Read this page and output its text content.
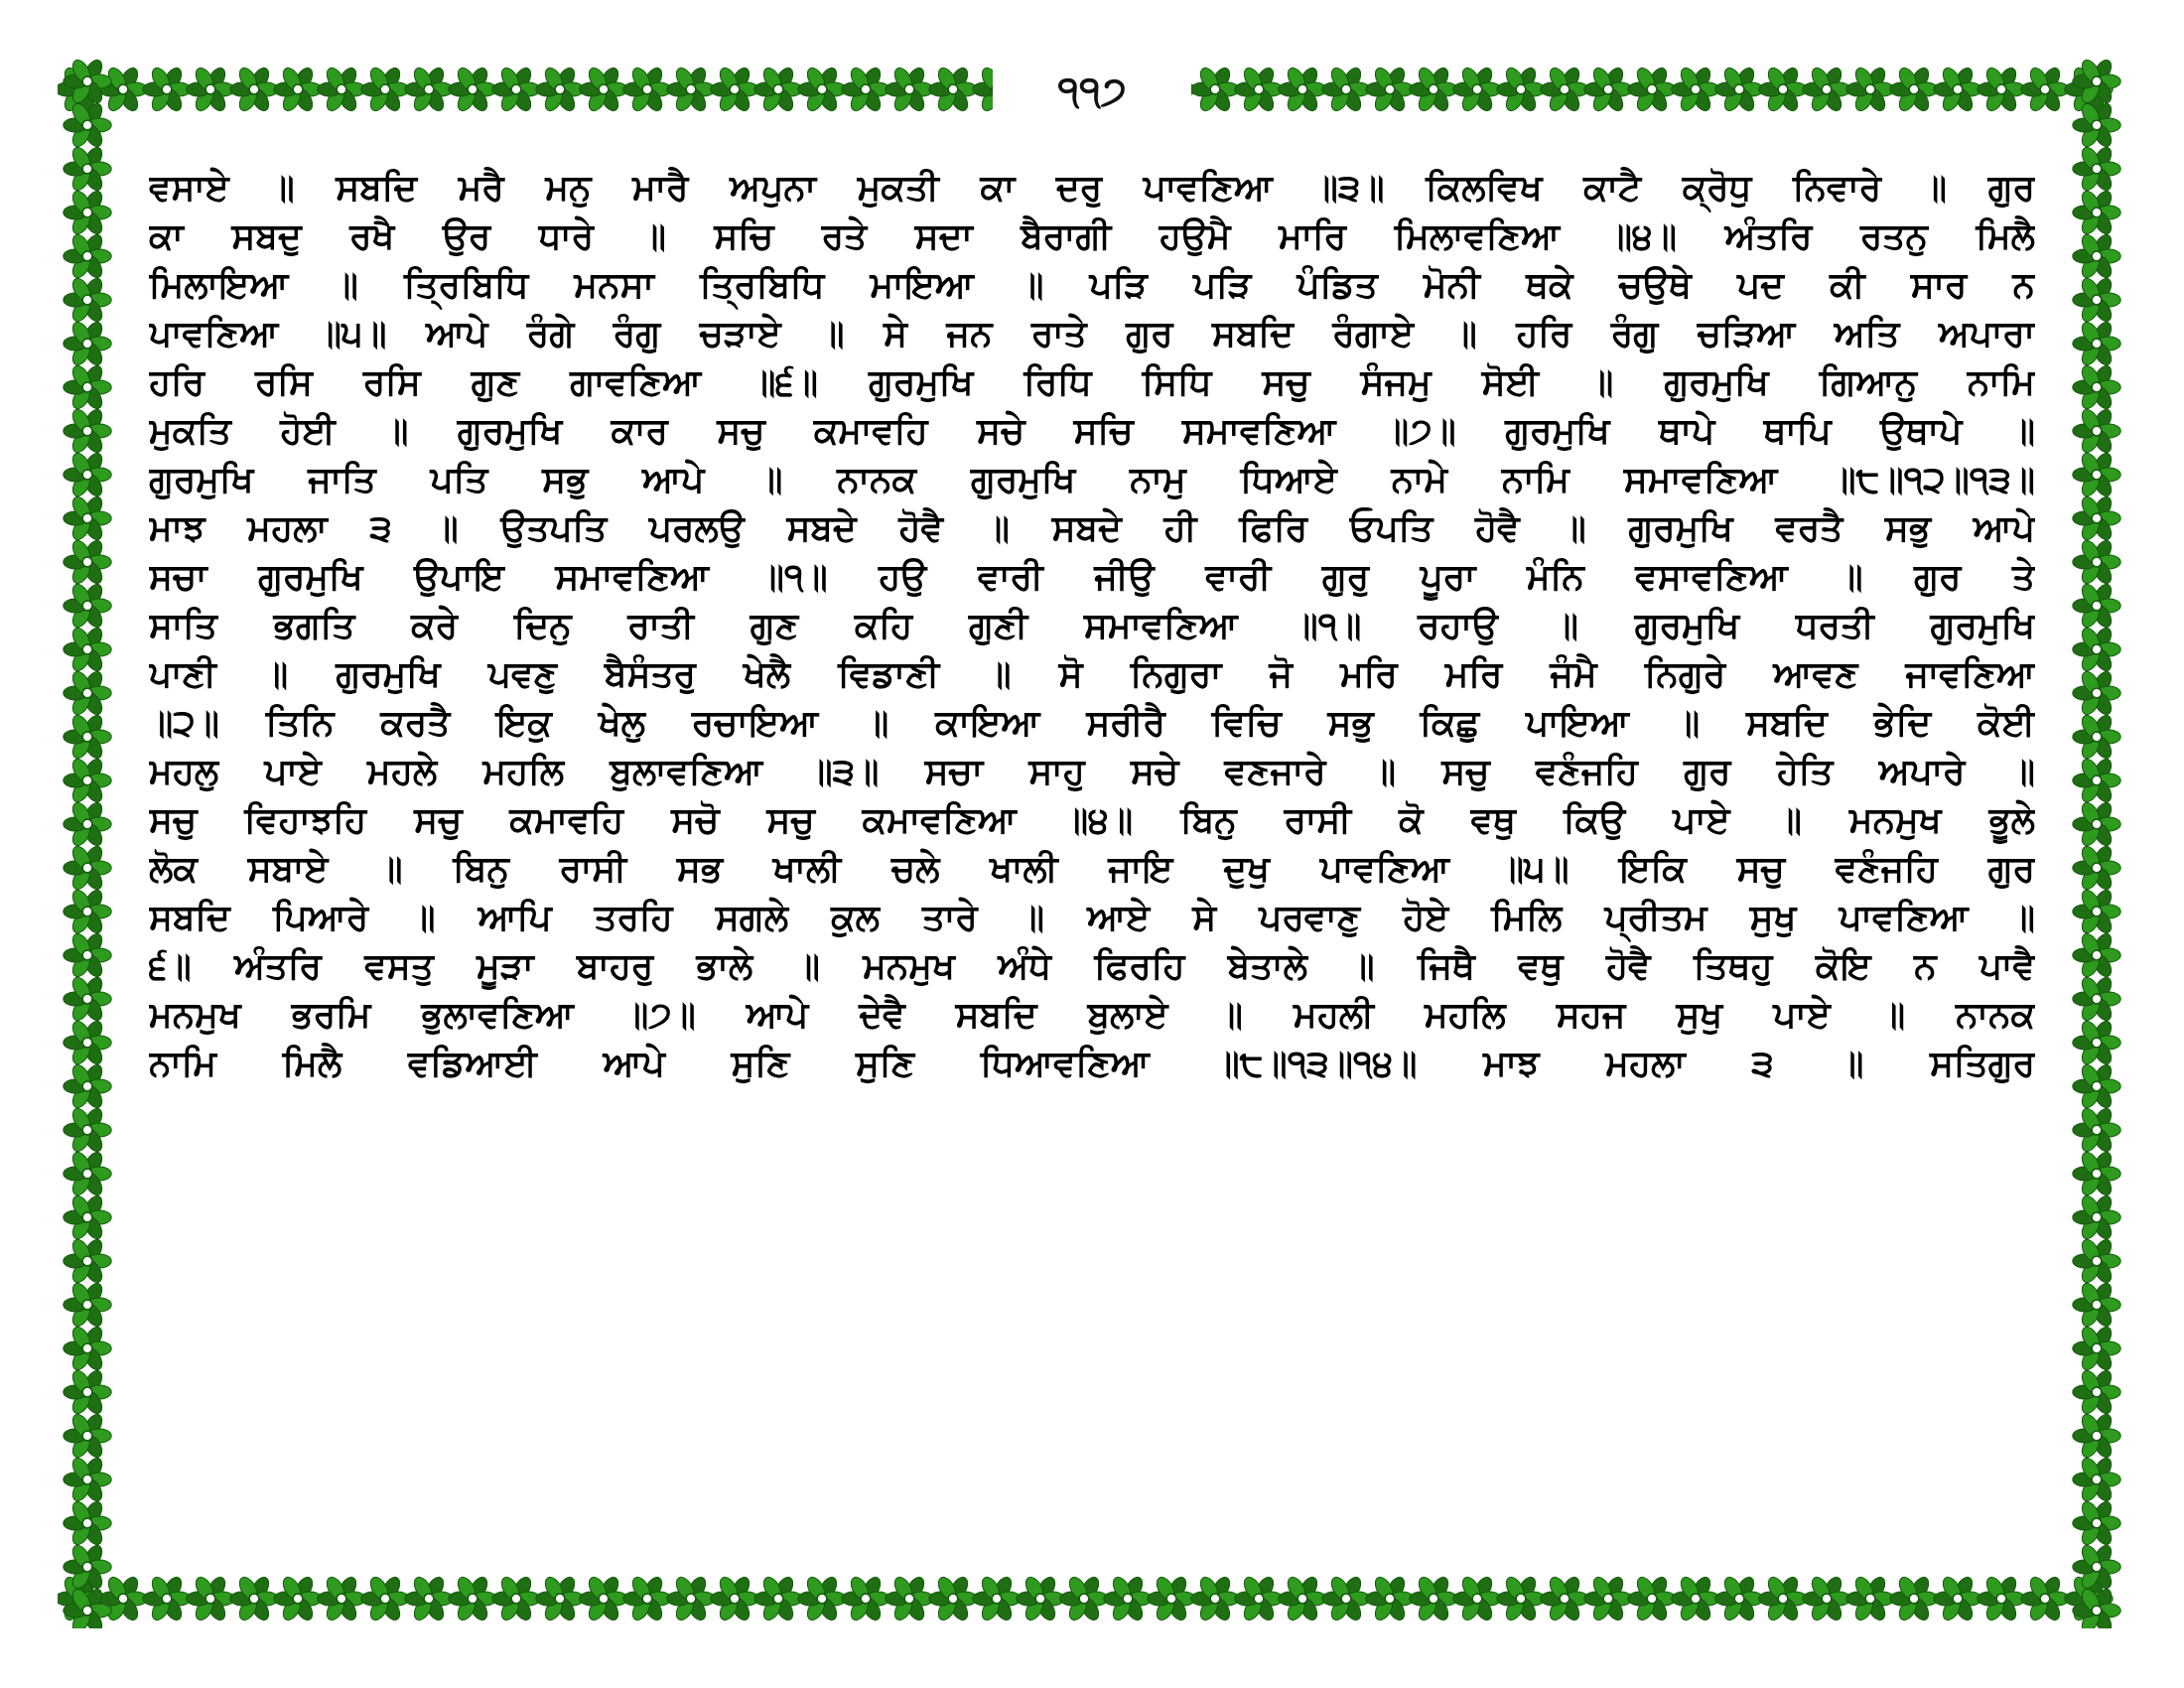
੧੧੭
ਵਸਾਏ ॥ ਸਬਦਿ ਮਰੈ ਮਨੁ ਮਾਰੈ ਅਪੁਨਾ ਮੁਕਤੀ ਕਾ ਦਰੁ ਪਾਵਣਿਆ ॥੩॥ ਕਿਲਵਿਖ ਕਾਟੈ ਕ੍ਰੋਧੁ ਨਿਵਾਰੇ ॥ ਗੁਰ
ਕਾ ਸਬਦੁ ਰਖੈ ਉਰ ਧਾਰੇ ॥ ਸਚਿ ਰਤੇ ਸਦਾ ਬੈਰਾਗੀ ਹਉਮੈ ਮਾਰਿ ਮਿਲਾਵਣਿਆ ॥੪॥ ਅੰਤਰਿ ਰਤਨੁ ਮਿਲੈ
ਮਿਲਾਇਆ ॥ ਤ੍ਰਿਬਿਧਿ ਮਨਸਾ ਤ੍ਰਿਬਿਧਿ ਮਾਇਆ ॥ ਪੜਿ ਪੜਿ ਪੰਡਿਤ ਮੋਨੀ ਥਕੇ ਚਉਥੇ ਪਦ ਕੀ ਸਾਰ ਨ
ਪਾਵਣਿਆ ॥੫॥ ਆਪੇ ਰੰਗੇ ਰੰਗੁ ਚੜਾਏ ॥ ਸੇ ਜਨ ਰਾਤੇ ਗੁਰ ਸਬਦਿ ਰੰਗਾਏ ॥ ਹਰਿ ਰੰਗੁ ਚੜਿਆ ਅਤਿ ਅਪਾਰਾ
ਹਰਿ ਰਸਿ ਰਸਿ ਗੁਣ ਗਾਵਣਿਆ ॥੬॥ ਗੁਰਮੁਖਿ ਰਿਧਿ ਸਿਧਿ ਸਚੁ ਸੰਜਮੁ ਸੋਈ ॥ ਗੁਰਮੁਖਿ ਗਿਆਨੁ ਨਾਮਿ
ਮੁਕਤਿ ਹੋਈ ॥ ਗੁਰਮੁਖਿ ਕਾਰ ਸਚੁ ਕਮਾਵਹਿ ਸਚੇ ਸਚਿ ਸਮਾਵਣਿਆ ॥੭॥ ਗੁਰਮੁਖਿ ਥਾਪੇ ਥਾਪਿ ਉਥਾਪੇ ॥
ਗੁਰਮੁਖਿ ਜਾਤਿ ਪਤਿ ਸਭੁ ਆਪੇ ॥ ਨਾਨਕ ਗੁਰਮੁਖਿ ਨਾਮੁ ਧਿਆਏ ਨਾਮੇ ਨਾਮਿ ਸਮਾਵਣਿਆ ॥੮॥੧੨॥੧੩॥
ਮਾਝ ਮਹਲਾ ੩ ॥ ਉਤਪਤਿ ਪਰਲਉ ਸਬਦੇ ਹੋਵੈ ॥ ਸਬਦੇ ਹੀ ਫਿਰਿ ਓਪਤਿ ਹੋਵੈ ॥ ਗੁਰਮੁਖਿ ਵਰਤੈ ਸਭੁ ਆਪੇ
ਸਚਾ ਗੁਰਮੁਖਿ ਉਪਾਇ ਸਮਾਵਣਿਆ ॥੧॥ ਹਉ ਵਾਰੀ ਜੀਉ ਵਾਰੀ ਗੁਰੁ ਪੂਰਾ ਮੰਨਿ ਵਸਾਵਣਿਆ ॥ ਗੁਰ ਤੇ
ਸਾਤਿ ਭਗਤਿ ਕਰੇ ਦਿਨੁ ਰਾਤੀ ਗੁਣ ਕਹਿ ਗੁਣੀ ਸਮਾਵਣਿਆ ॥੧॥ ਰਹਾਉ ॥ ਗੁਰਮੁਖਿ ਧਰਤੀ ਗੁਰਮੁਖਿ
ਪਾਣੀ ॥ ਗੁਰਮੁਖਿ ਪਵਣੁ ਬੈਸੰਤਰੁ ਖੇਲੈ ਵਿਡਾਣੀ ॥ ਸੋ ਨਿਗੁਰਾ ਜੋ ਮਰਿ ਮਰਿ ਜੰਮੈ ਨਿਗੁਰੇ ਆਵਣ ਜਾਵਣਿਆ
॥੨॥ ਤਿਨਿ ਕਰਤੈ ਇਕੁ ਖੇਲੁ ਰਚਾਇਆ ॥ ਕਾਇਆ ਸਰੀਰੈ ਵਿਚਿ ਸਭੁ ਕਿਛੁ ਪਾਇਆ ॥ ਸਬਦਿ ਭੇਦਿ ਕੋਈ
ਮਹਲੁ ਪਾਏ ਮਹਲੇ ਮਹਲਿ ਬੁਲਾਵਣਿਆ ॥੩॥ ਸਚਾ ਸਾਹੁ ਸਚੇ ਵਣਜਾਰੇ ॥ ਸਚੁ ਵਣੰਜਹਿ ਗੁਰ ਹੇਤਿ ਅਪਾਰੇ ॥
ਸਚੁ ਵਿਹਾਝਹਿ ਸਚੁ ਕਮਾਵਹਿ ਸਚੋ ਸਚੁ ਕਮਾਵਣਿਆ ॥੪॥ ਬਿਨੁ ਰਾਸੀ ਕੋ ਵਥੁ ਕਿਉ ਪਾਏ ॥ ਮਨਮੁਖ ਭੂਲੇ
ਲੋਕ ਸਬਾਏ ॥ ਬਿਨੁ ਰਾਸੀ ਸਭ ਖਾਲੀ ਚਲੇ ਖਾਲੀ ਜਾਇ ਦੁਖੁ ਪਾਵਣਿਆ ॥੫॥ ਇਕਿ ਸਚੁ ਵਣੰਜਹਿ ਗੁਰ
ਸਬਦਿ ਪਿਆਰੇ ॥ ਆਪਿ ਤਰਹਿ ਸਗਲੇ ਕੁਲ ਤਾਰੇ ॥ ਆਏ ਸੇ ਪਰਵਾਣੁ ਹੋਏ ਮਿਲਿ ਪ੍ਰੀਤਮ ਸੁਖੁ ਪਾਵਣਿਆ ॥
੬॥ ਅੰਤਰਿ ਵਸਤੁ ਮੂੜਾ ਬਾਹਰੁ ਭਾਲੇ ॥ ਮਨਮੁਖ ਅੰਧੇ ਫਿਰਹਿ ਬੇਤਾਲੇ ॥ ਜਿਥੈ ਵਥੁ ਹੋਵੈ ਤਿਥਹੁ ਕੋਇ ਨ ਪਾਵੈ
ਮਨਮੁਖ ਭਰਮਿ ਭੁਲਾਵਣਿਆ ॥੭॥ ਆਪੇ ਦੇਵੈ ਸਬਦਿ ਬੁਲਾਏ ॥ ਮਹਲੀ ਮਹਲਿ ਸਹਜ ਸੁਖੁ ਪਾਏ ॥ ਨਾਨਕ
ਨਾਮਿ ਮਿਲੈ ਵਡਿਆਈ ਆਪੇ ਸੁਣਿ ਸੁਣਿ ਧਿਆਵਣਿਆ ॥੮॥੧੩॥੧੪॥ ਮਾਝ ਮਹਲਾ ੩ ॥ ਸਤਿਗੁਰ
